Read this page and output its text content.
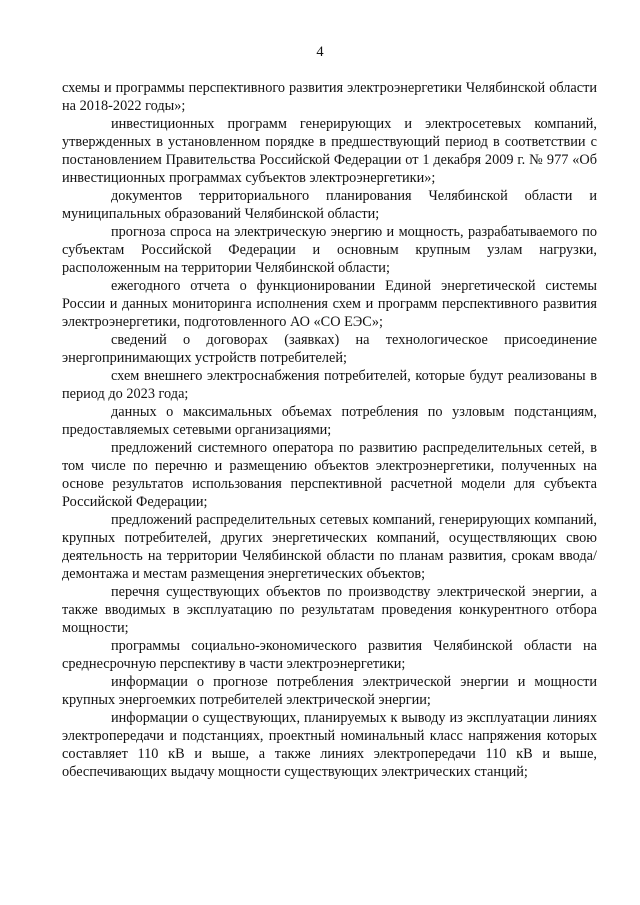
4

схемы и программы перспективного развития электроэнергетики Челябинской области на 2018-2022 годы»;

инвестиционных программ генерирующих и электросетевых компаний, утвержденных в установленном порядке в предшествующий период в соответствии с постановлением Правительства Российской Федерации от 1 декабря 2009 г. № 977 «Об инвестиционных программах субъектов электроэнергетики»;

документов территориального планирования Челябинской области и муниципальных образований Челябинской области;

прогноза спроса на электрическую энергию и мощность, разрабатываемого по субъектам Российской Федерации и основным крупным узлам нагрузки, расположенным на территории Челябинской области;

ежегодного отчета о функционировании Единой энергетической системы России и данных мониторинга исполнения схем и программ перспективного развития электроэнергетики, подготовленного АО «СО ЕЭС»;

сведений о договорах (заявках) на технологическое присоединение энергопринимающих устройств потребителей;

схем внешнего электроснабжения потребителей, которые будут реализованы в период до 2023 года;

данных о максимальных объемах потребления по узловым подстанциям, предоставляемых сетевыми организациями;

предложений системного оператора по развитию распределительных сетей, в том числе по перечню и размещению объектов электроэнергетики, полученных на основе результатов использования перспективной расчетной модели для субъекта Российской Федерации;

предложений распределительных сетевых компаний, генерирующих компаний, крупных потребителей, других энергетических компаний, осуществляющих свою деятельность на территории Челябинской области по планам развития, срокам ввода/демонтажа и местам размещения энергетических объектов;

перечня существующих объектов по производству электрической энергии, а также вводимых в эксплуатацию по результатам проведения конкурентного отбора мощности;

программы социально-экономического развития Челябинской области на среднесрочную перспективу в части электроэнергетики;

информации о прогнозе потребления электрической энергии и мощности крупных энергоемких потребителей электрической энергии;

информации о существующих, планируемых к выводу из эксплуатации линиях электропередачи и подстанциях, проектный номинальный класс напряжения которых составляет 110 кВ и выше, а также линиях электропередачи 110 кВ и выше, обеспечивающих выдачу мощности существующих электрических станций;
